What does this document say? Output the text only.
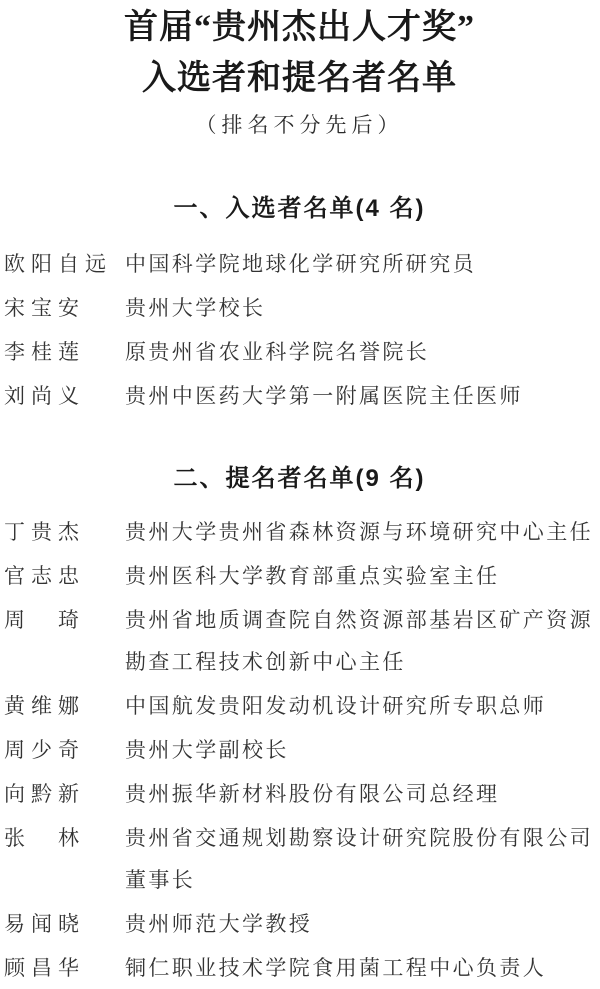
首届“贵州杰出人才奖”
入选者和提名者名单
（排名不分先后）
一、入选者名单(4 名)
欧阳自远 中国科学院地球化学研究所研究员
宋宝安	贵州大学校长
李桂莲	原贵州省农业科学院名誉院长
刘尚义	贵州中医药大学第一附属医院主任医师
二、提名者名单(9 名)
丁贵杰	贵州大学贵州省森林资源与环境研究中心主任
官志忠	贵州医科大学教育部重点实验室主任
周　琦	贵州省地质调查院自然资源部基岩区矿产资源勘查工程技术创新中心主任
黄维娜	中国航发贵阳发动机设计研究所专职总师
周少奇	贵州大学副校长
向黔新	贵州振华新材料股份有限公司总经理
张　林	贵州省交通规划勘察设计研究院股份有限公司董事长
易闻晓	贵州师范大学教授
顾昌华	铜仁职业技术学院食用菌工程中心负责人
